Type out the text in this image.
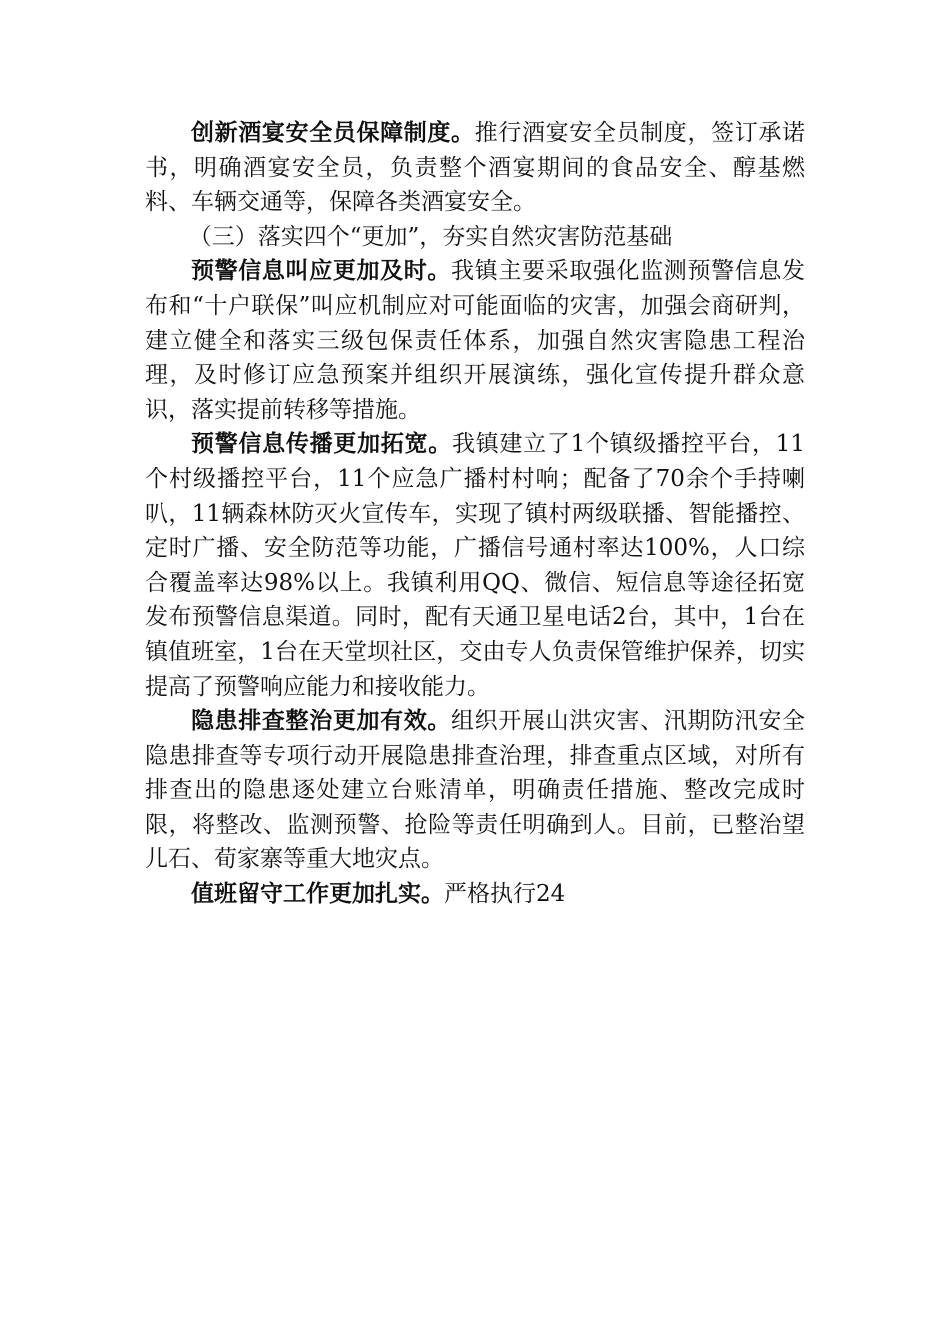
创新酒宴安全员保障制度。推行酒宴安全员制度，签订承诺书，明确酒宴安全员，负责整个酒宴期间的食品安全、醇基燃料、车辆交通等，保障各类酒宴安全。

（三）落实四个“更加”，夯实自然灾害防范基础

预警信息叫应更加及时。我镇主要采取强化监测预警信息发布和“十户联保”叫应机制应对可能面临的灾害，加强会商研判，建立健全和落实三级包保责任体系，加强自然灾害隐患工程治理，及时修订应急预案并组织开展演练，强化宣传提升群众意识，落实提前转移等措施。

预警信息传播更加拓宽。我镇建立了1个镇级播控平台，11个村级播控平台，11个应急广播村村响；配备了70余个手持喇叭，11辆森林防灭火宣传车，实现了镇村两级联播、智能播控、定时广播、安全防范等功能，广播信号通村率达100%，人口综合覆盖率达98%以上。我镇利用QQ、微信、短信息等途径拓宽发布预警信息渠道。同时，配有天通卫星电话2台，其中，1台在镇值班室，1台在天堂坝社区，交由专人负责保管维护保养，切实提高了预警响应能力和接收能力。

隐患排查整治更加有效。组织开展山洪灾害、汛期防汛安全隐患排查等专项行动开展隐患排查治理，排查重点区域，对所有排查出的隐患逐处建立台账清单，明确责任措施、整改完成时限，将整改、监测预警、抢险等责任明确到人。目前，已整治望儿石、荀家寨等重大地灾点。

值班留守工作更加扎实。严格执行24
